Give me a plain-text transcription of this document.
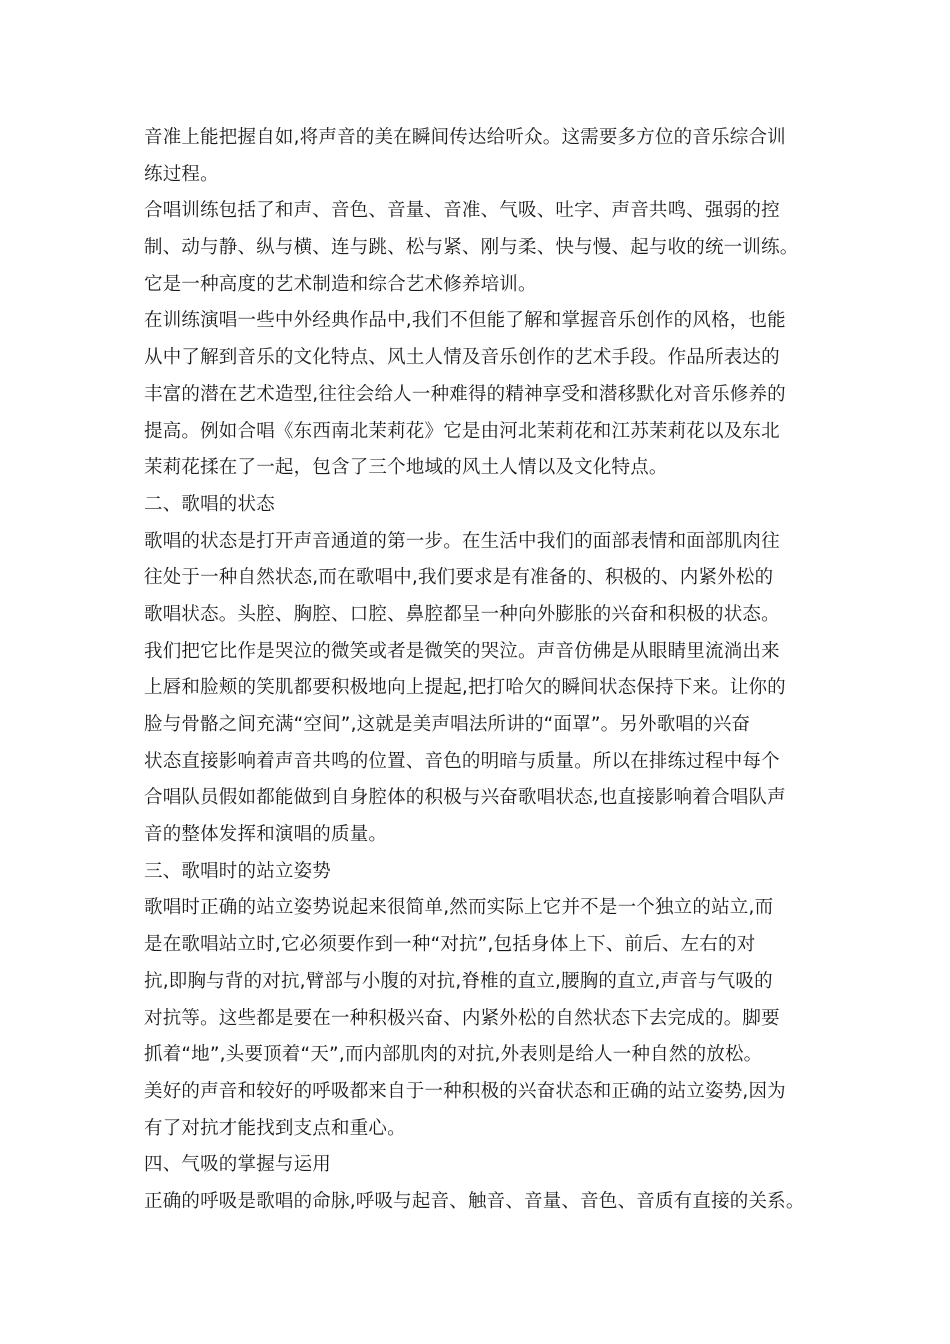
音准上能把握自如,将声音的美在瞬间传达给听众。这需要多方位的音乐综合训
练过程。
合唱训练包括了和声、音色、音量、音准、气吸、吐字、声音共鸣、强弱的控
制、动与静、纵与横、连与跳、松与紧、刚与柔、快与慢、起与收的统一训练。
它是一种高度的艺术制造和综合艺术修养培训。
在训练演唱一些中外经典作品中,我们不但能了解和掌握音乐创作的风格，也能
从中了解到音乐的文化特点、风土人情及音乐创作的艺术手段。作品所表达的
丰富的潜在艺术造型,往往会给人一种难得的精神享受和潜移默化对音乐修养的
提高。例如合唱《东西南北茉莉花》它是由河北茉莉花和江苏茉莉花以及东北
茉莉花揉在了一起，包含了三个地域的风土人情以及文化特点。
二、歌唱的状态
歌唱的状态是打开声音通道的第一步。在生活中我们的面部表情和面部肌肉往
往处于一种自然状态,而在歌唱中,我们要求是有准备的、积极的、内紧外松的
歌唱状态。头腔、胸腔、口腔、鼻腔都呈一种向外膨胀的兴奋和积极的状态。
我们把它比作是哭泣的微笑或者是微笑的哭泣。声音仿佛是从眼睛里流淌出来
上唇和脸颊的笑肌都要积极地向上提起,把打哈欠的瞬间状态保持下来。让你的
脸与骨骼之间充满“空间”,这就是美声唱法所讲的“面罩”。另外歌唱的兴奋
状态直接影响着声音共鸣的位置、音色的明暗与质量。所以在排练过程中每个
合唱队员假如都能做到自身腔体的积极与兴奋歌唱状态,也直接影响着合唱队声
音的整体发挥和演唱的质量。
三、歌唱时的站立姿势
歌唱时正确的站立姿势说起来很简单,然而实际上它并不是一个独立的站立,而
是在歌唱站立时,它必须要作到一种“对抗”,包括身体上下、前后、左右的对
抗,即胸与背的对抗,臂部与小腹的对抗,脊椎的直立,腰胸的直立,声音与气吸的
对抗等。这些都是要在一种积极兴奋、内紧外松的自然状态下去完成的。脚要
抓着“地”,头要顶着“天”,而内部肌肉的对抗,外表则是给人一种自然的放松。
美好的声音和较好的呼吸都来自于一种积极的兴奋状态和正确的站立姿势,因为
有了对抗才能找到支点和重心。
四、气吸的掌握与运用
正确的呼吸是歌唱的命脉,呼吸与起音、触音、音量、音色、音质有直接的关系。
